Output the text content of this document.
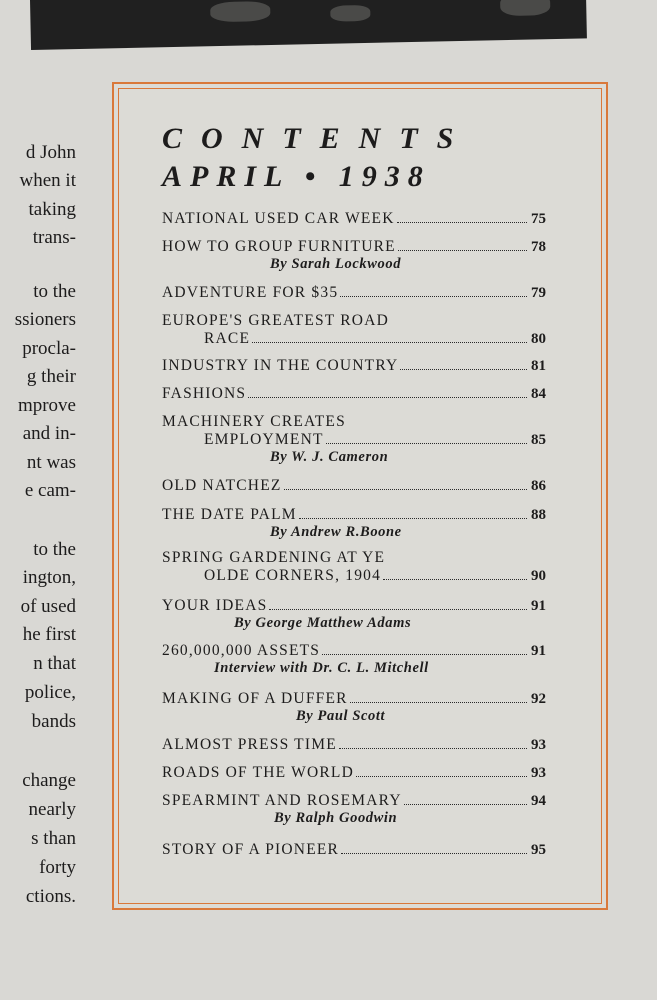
d John
when it
taking
trans-
to the
ssioners
procla-
g their
mprove
and in-
nt was
e cam-
to the
ington,
of used
he first
n that
police,
bands
change
nearly
s than
forty
ctions.
CONTENTS
APRIL • 1938
NATIONAL USED CAR WEEK	75
HOW TO GROUP FURNITURE	78
By Sarah Lockwood
ADVENTURE FOR $35	79
EUROPE'S GREATEST ROAD
RACE	80
INDUSTRY IN THE COUNTRY	81
FASHIONS	84
MACHINERY CREATES
EMPLOYMENT	85
By W. J. Cameron
OLD NATCHEZ	86
THE DATE PALM	88
By Andrew R.Boone
SPRING GARDENING AT YE
OLDE CORNERS, 1904	90
YOUR IDEAS	91
By George Matthew Adams
260,000,000 ASSETS	91
Interview with Dr. C. L. Mitchell
MAKING OF A DUFFER	92
By Paul Scott
ALMOST PRESS TIME	93
ROADS OF THE WORLD	93
SPEARMINT AND ROSEMARY	94
By Ralph Goodwin
STORY OF A PIONEER	95
